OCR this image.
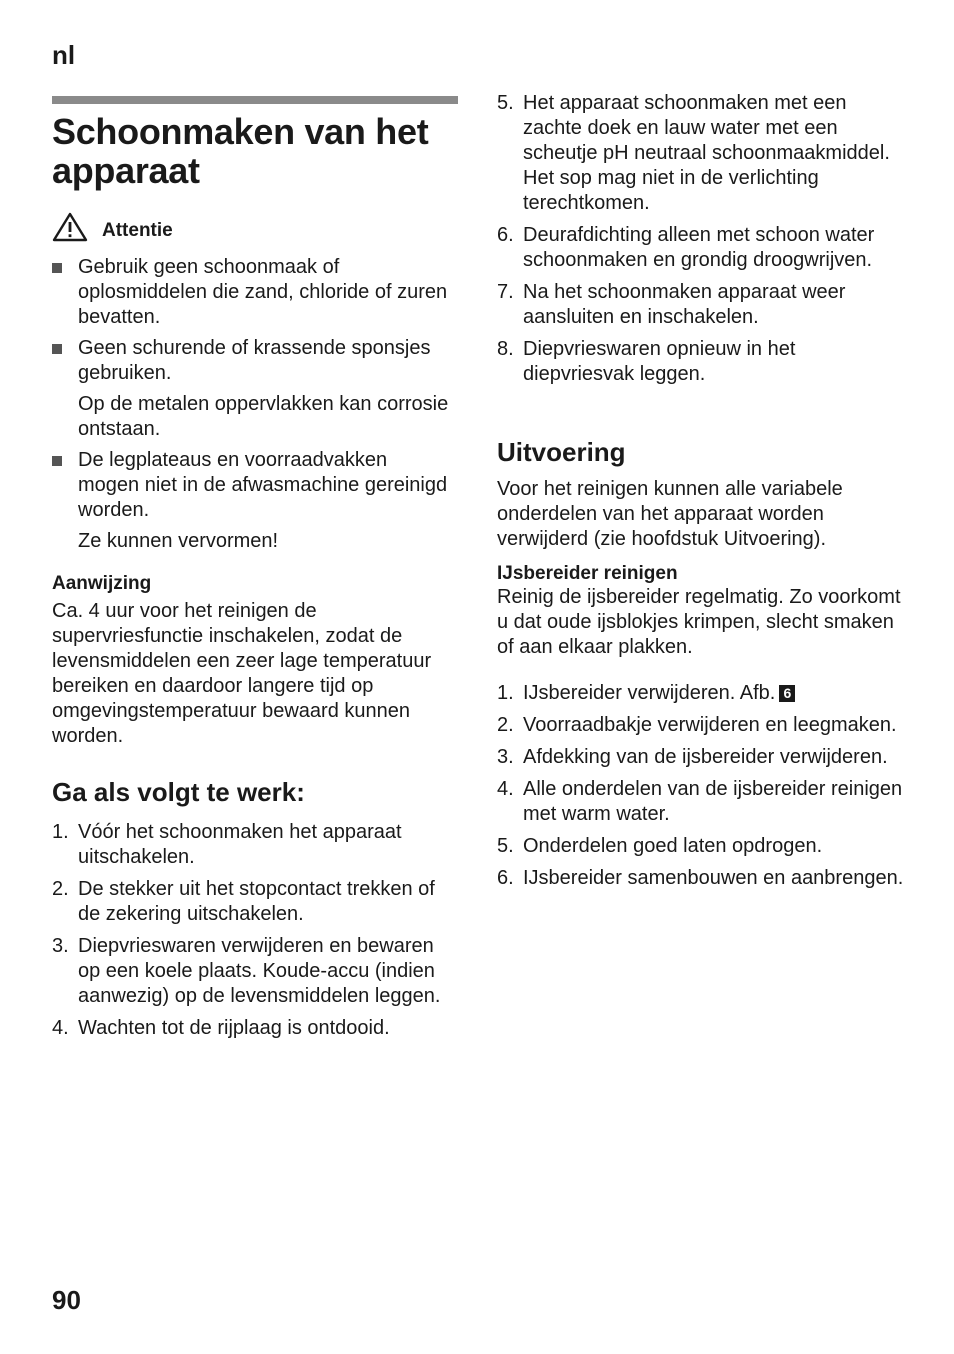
nl
Schoonmaken van het apparaat
Attentie
Gebruik geen schoonmaak of oplosmiddelen die zand, chloride of zuren bevatten.
Geen schurende of krassende sponsjes gebruiken.
Op de metalen oppervlakken kan corrosie ontstaan.
De legplateaus en voorraadvakken mogen niet in de afwasmachine gereinigd worden.
Ze kunnen vervormen!
Aanwijzing

Ca. 4 uur voor het reinigen de supervriesfunctie inschakelen, zodat de levensmiddelen een zeer lage temperatuur bereiken en daardoor langere tijd op omgevingstemperatuur bewaard kunnen worden.

Ga als volgt te werk:
1. Vóór het schoonmaken het apparaat uitschakelen.
2. De stekker uit het stopcontact trekken of de zekering uitschakelen.
3. Diepvrieswaren verwijderen en bewaren op een koele plaats. Koude-accu (indien aanwezig) op de levensmiddelen leggen.
4. Wachten tot de rijplaag is ontdooid.
5. Het apparaat schoonmaken met een zachte doek en lauw water met een scheutje pH neutraal schoonmaakmiddel. Het sop mag niet in de verlichting terechtkomen.
6. Deurafdichting alleen met schoon water schoonmaken en grondig droogwrijven.
7. Na het schoonmaken apparaat weer aansluiten en inschakelen.
8. Diepvrieswaren opnieuw in het diepvriesvak leggen.
Uitvoering

Voor het reinigen kunnen alle variabele onderdelen van het apparaat worden verwijderd (zie hoofdstuk Uitvoering).

IJsbereider reinigen

Reinig de ijsbereider regelmatig. Zo voorkomt u dat oude ijsblokjes krimpen, slecht smaken of aan elkaar plakken.

1. IJsbereider verwijderen. Afb. 6
2. Voorraadbakje verwijderen en leegmaken.
3. Afdekking van de ijsbereider verwijderen.
4. Alle onderdelen van de ijsbereider reinigen met warm water.
5. Onderdelen goed laten opdrogen.
6. IJsbereider samenbouwen en aanbrengen.
90
